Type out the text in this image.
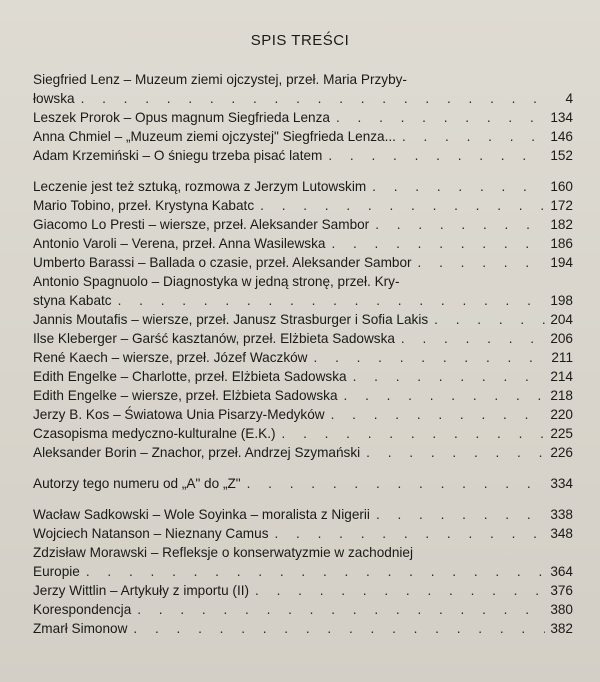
SPIS TREŚCI
Siegfried Lenz – Muzeum ziemi ojczystej, przeł. Maria Przyby-
łowska . . .	4
Leszek Prorok – Opus magnum Siegfrieda Lenza . . .	134
Anna Chmiel – „Muzeum ziemi ojczystej" Siegfrieda Lenza... . . .	146
Adam Krzemiński – O śniegu trzeba pisać latem . . .	152
Leczenie jest też sztuką, rozmowa z Jerzym Lutowskim . . .	160
Mario Tobino, przeł. Krystyna Kabatc . . .	172
Giacomo Lo Presti – wiersze, przeł. Aleksander Sambor . . .	182
Antonio Varoli – Verena, przeł. Anna Wasilewska . . .	186
Umberto Barassi – Ballada o czasie, przeł. Aleksander Sambor . . .	194
Antonio Spagnuolo – Diagnostyka w jedną stronę, przeł. Kry-
styna Kabatc . . .	198
Jannis Moutafis – wiersze, przeł. Janusz Strasburger i Sofia Lakis . . .	204
Ilse Kleberger – Garść kasztanów, przeł. Elżbieta Sadowska . . .	206
René Kaech – wiersze, przeł. Józef Waczków . . .	211
Edith Engelke – Charlotte, przeł. Elżbieta Sadowska . . .	214
Edith Engelke – wiersze, przeł. Elżbieta Sadowska . . .	218
Jerzy B. Kos – Światowa Unia Pisarzy-Medyków . . .	220
Czasopisma medyczno-kulturalne (E.K.) . . .	225
Aleksander Borin – Znachor, przeł. Andrzej Szymański . . .	226
Autorzy tego numeru od „A" do „Z" . . .	334
Wacław Sadkowski – Wole Soyinka – moralista z Nigerii . . .	338
Wojciech Natanson – Nieznany Camus . . .	348
Zdzisław Morawski – Refleksje o konserwatyzmie w zachodniej
Europie . . .	364
Jerzy Wittlin – Artykuły z importu (II) . . .	376
Korespondencja . . .	380
Zmarł Simonow . . .	382
